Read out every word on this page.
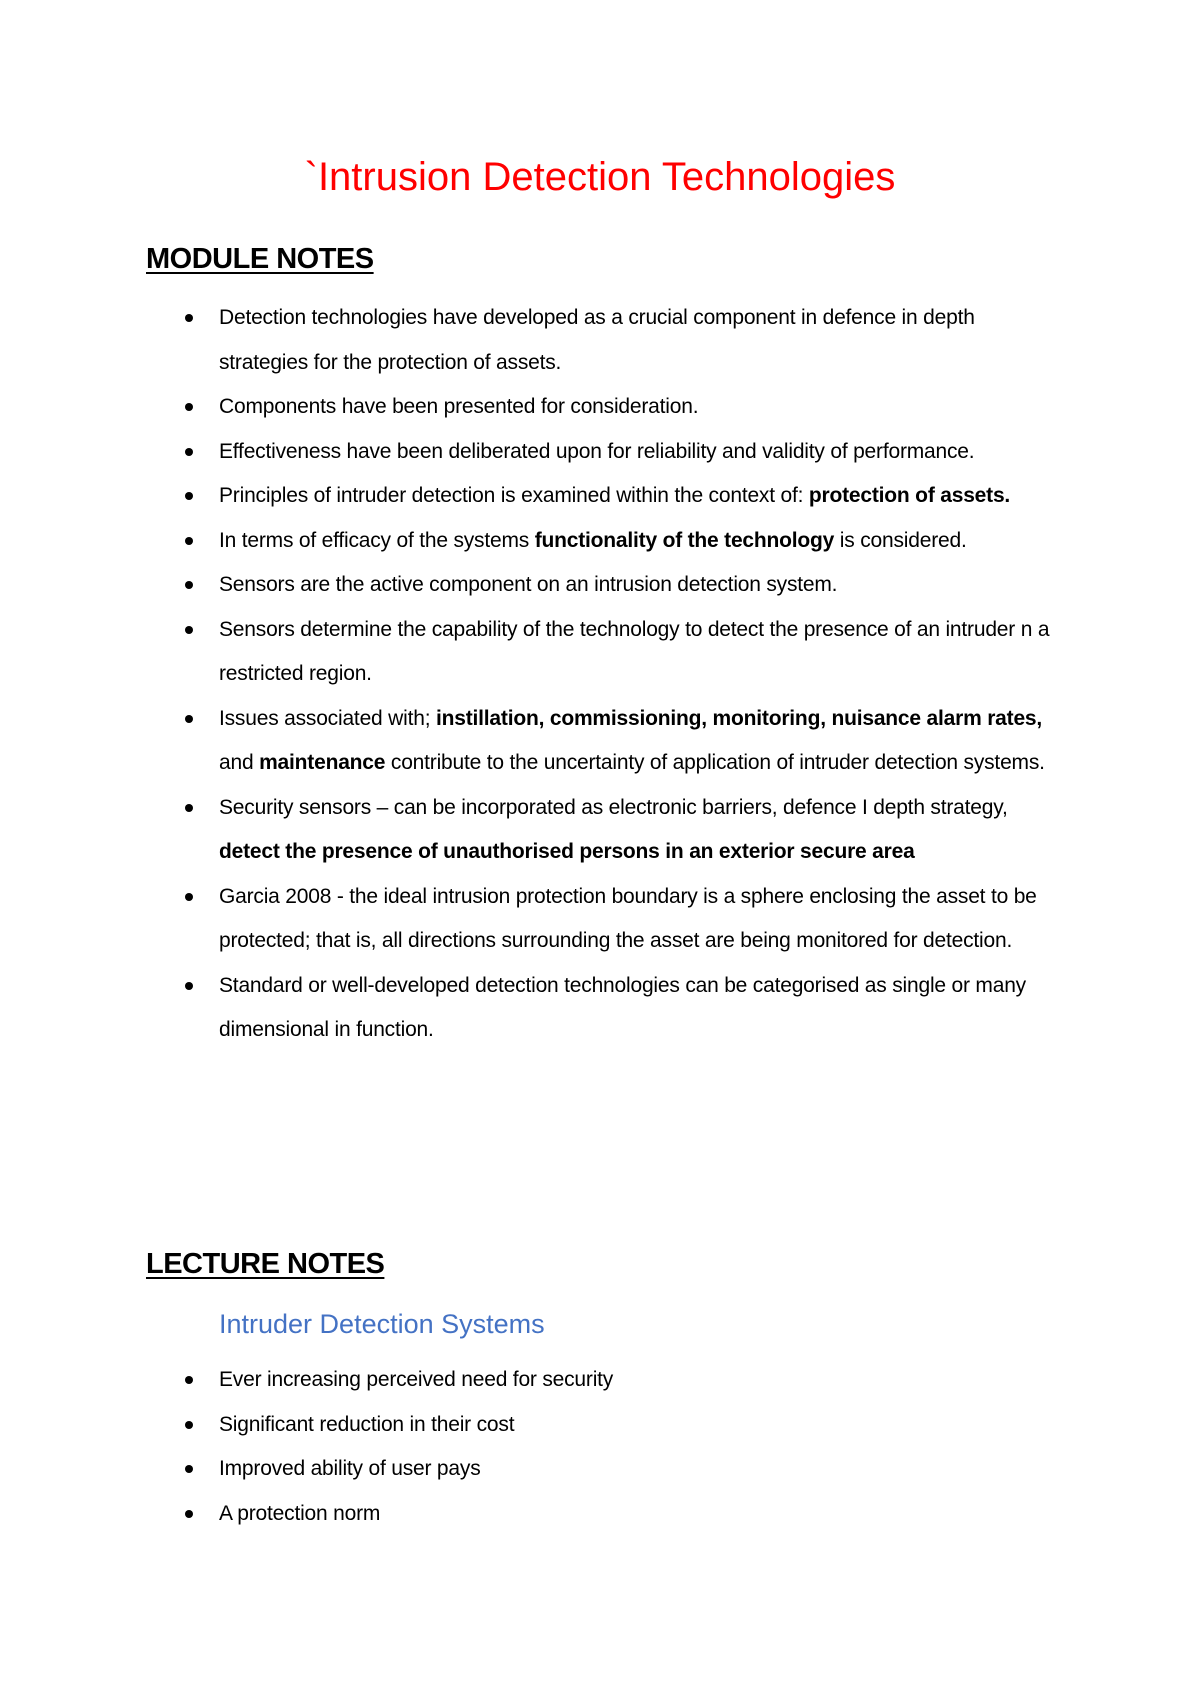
`Intrusion Detection Technologies
MODULE NOTES
Detection technologies have developed as a crucial component in defence in depth strategies for the protection of assets.
Components have been presented for consideration.
Effectiveness have been deliberated upon for reliability and validity of performance.
Principles of intruder detection is examined within the context of: protection of assets.
In terms of efficacy of the systems functionality of the technology is considered.
Sensors are the active component on an intrusion detection system.
Sensors determine the capability of the technology to detect the presence of an intruder n a restricted region.
Issues associated with; instillation, commissioning, monitoring, nuisance alarm rates, and maintenance contribute to the uncertainty of application of intruder detection systems.
Security sensors – can be incorporated as electronic barriers, defence I depth strategy, detect the presence of unauthorised persons in an exterior secure area
Garcia 2008 - the ideal intrusion protection boundary is a sphere enclosing the asset to be protected; that is, all directions surrounding the asset are being monitored for detection.
Standard or well-developed detection technologies can be categorised as single or many dimensional in function.
LECTURE NOTES
Intruder Detection Systems
Ever increasing perceived need for security
Significant reduction in their cost
Improved ability of user pays
A protection norm
